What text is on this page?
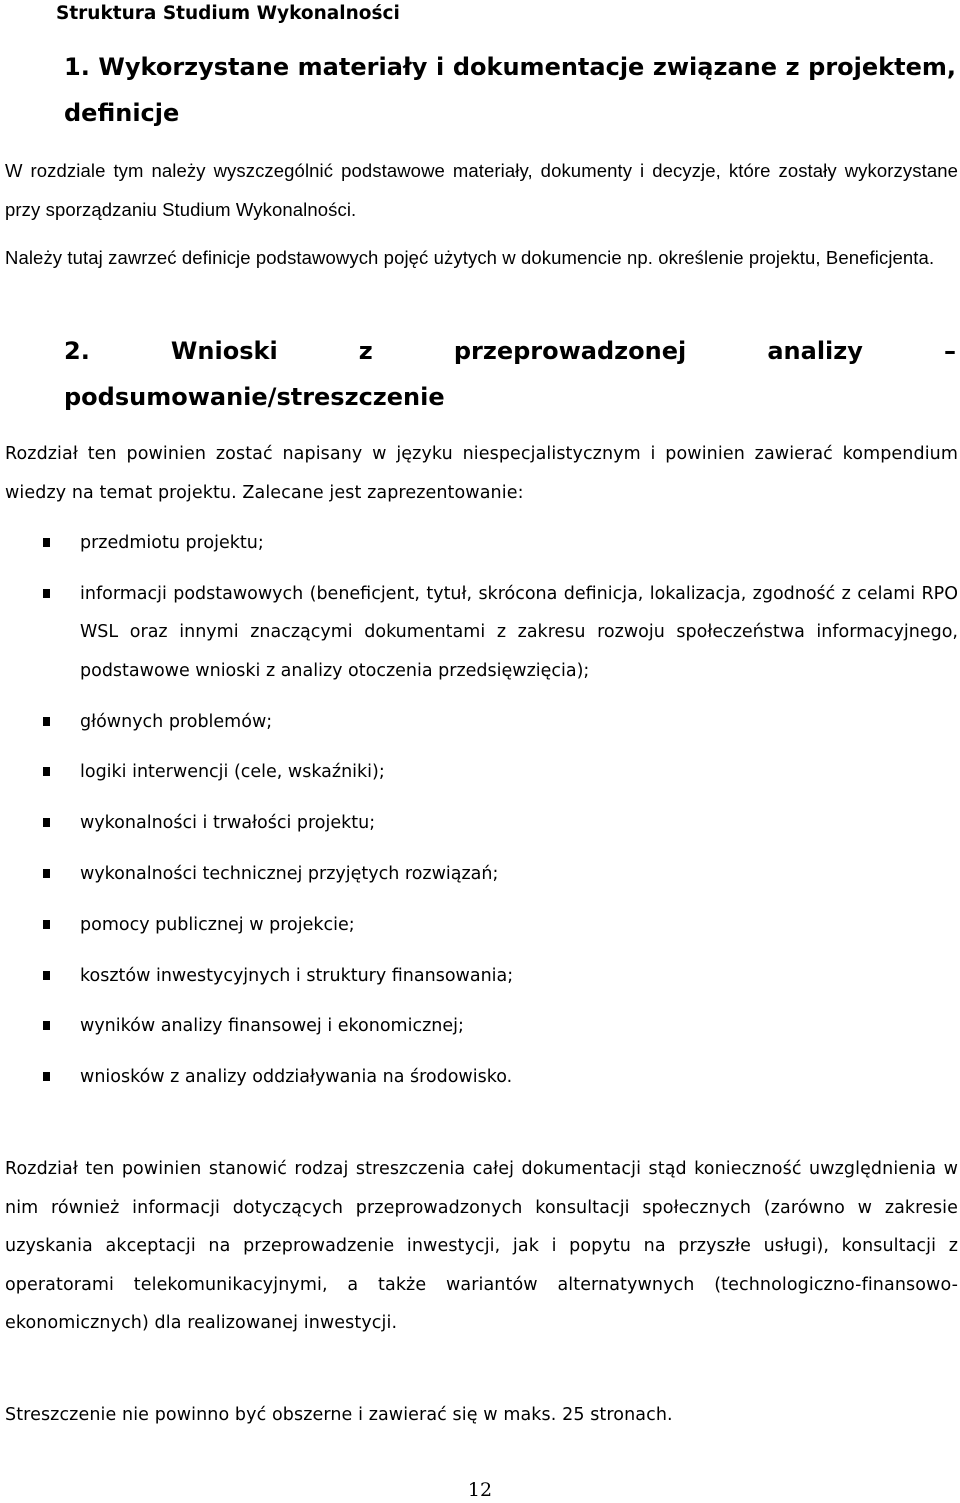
Struktura Studium Wykonalności
1. Wykorzystane materiały i dokumentacje związane z projektem, definicje
W rozdziale tym należy wyszczególnić podstawowe materiały, dokumenty i decyzje, które zostały wykorzystane przy sporządzaniu Studium Wykonalności.
Należy tutaj zawrzeć definicje podstawowych pojęć użytych w dokumencie np. określenie projektu, Beneficjenta.
2. Wnioski z przeprowadzonej analizy – podsumowanie/streszczenie
Rozdział ten powinien zostać napisany w języku niespecjalistycznym i powinien zawierać kompendium wiedzy na temat projektu. Zalecane jest zaprezentowanie:
przedmiotu projektu;
informacji podstawowych (beneficjent, tytuł, skrócona definicja, lokalizacja, zgodność z celami RPO WSL oraz innymi znaczącymi dokumentami z zakresu rozwoju społeczeństwa informacyjnego, podstawowe wnioski z analizy otoczenia przedsięwzięcia);
głównych problemów;
logiki interwencji (cele, wskaźniki);
wykonalności i trwałości projektu;
wykonalności technicznej przyjętych rozwiązań;
pomocy publicznej w projekcie;
kosztów inwestycyjnych i struktury finansowania;
wyników analizy finansowej i ekonomicznej;
wniosków z analizy oddziaływania na środowisko.
Rozdział ten powinien stanowić rodzaj streszczenia całej dokumentacji stąd konieczność uwzględnienia w nim również informacji dotyczących przeprowadzonych konsultacji społecznych (zarówno w zakresie uzyskania akceptacji na przeprowadzenie inwestycji, jak i popytu na przyszłe usługi), konsultacji z operatorami telekomunikacyjnymi, a także wariantów alternatywnych (technologiczno-finansowo-ekonomicznych) dla realizowanej inwestycji.
Streszczenie nie powinno być obszerne i zawierać się w maks. 25 stronach.
12
